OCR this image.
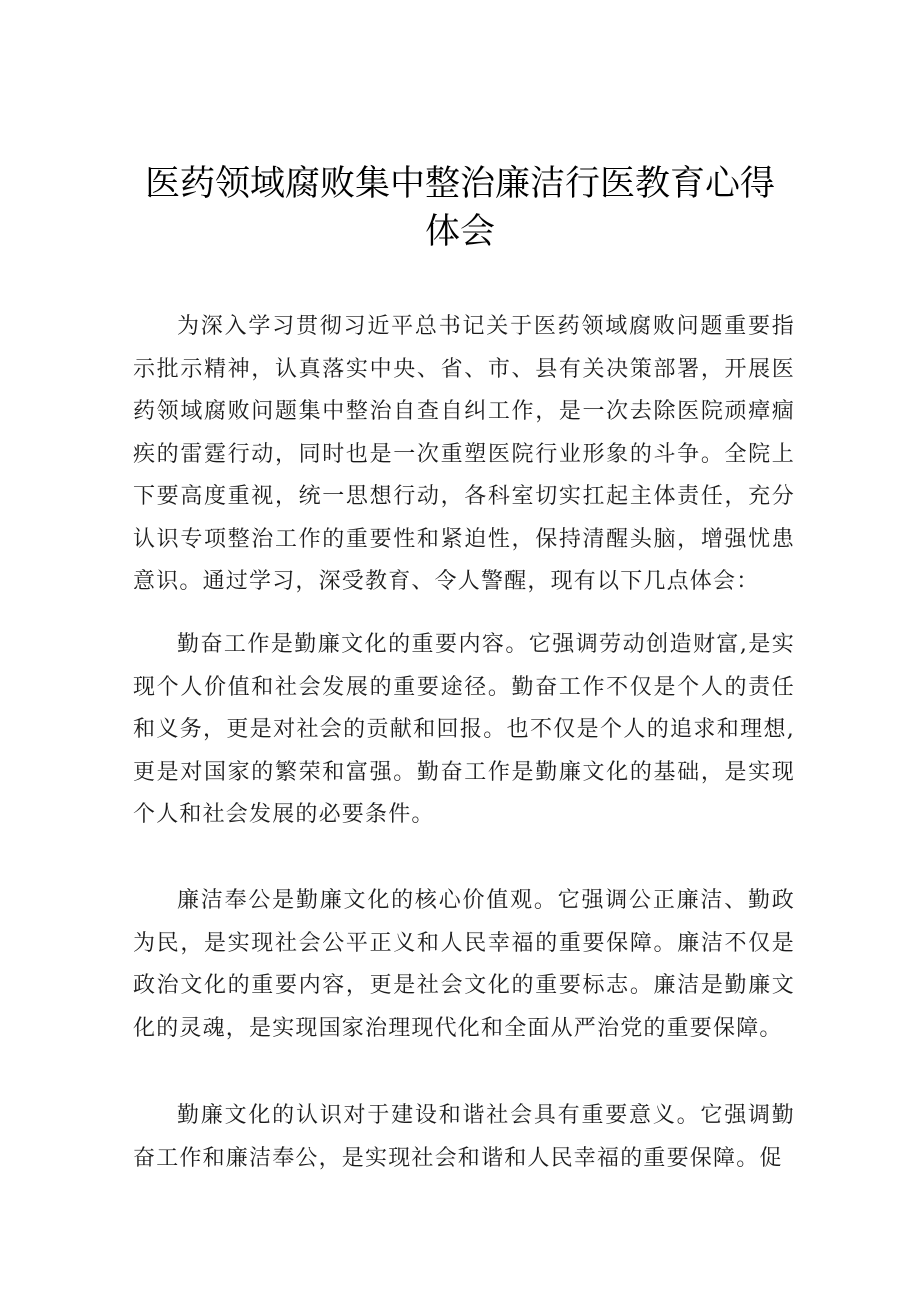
医药领域腐败集中整治廉洁行医教育心得
体会

为深入学习贯彻习近平总书记关于医药领域腐败问题重要指示批示精神，认真落实中央、省、市、县有关决策部署，开展医药领域腐败问题集中整治自查自纠工作，是一次去除医院顽瘴痼疾的雷霆行动，同时也是一次重塑医院行业形象的斗争。全院上下要高度重视，统一思想行动，各科室切实扛起主体责任，充分认识专项整治工作的重要性和紧迫性，保持清醒头脑，增强忧患意识。通过学习，深受教育、令人警醒，现有以下几点体会：

勤奋工作是勤廉文化的重要内容。它强调劳动创造财富,是实现个人价值和社会发展的重要途径。勤奋工作不仅是个人的责任和义务，更是对社会的贡献和回报。也不仅是个人的追求和理想,更是对国家的繁荣和富强。勤奋工作是勤廉文化的基础，是实现个人和社会发展的必要条件。

廉洁奉公是勤廉文化的核心价值观。它强调公正廉洁、勤政为民，是实现社会公平正义和人民幸福的重要保障。廉洁不仅是政治文化的重要内容，更是社会文化的重要标志。廉洁是勤廉文化的灵魂，是实现国家治理现代化和全面从严治党的重要保障。

勤廉文化的认识对于建设和谐社会具有重要意义。它强调勤奋工作和廉洁奉公，是实现社会和谐和人民幸福的重要保障。促
